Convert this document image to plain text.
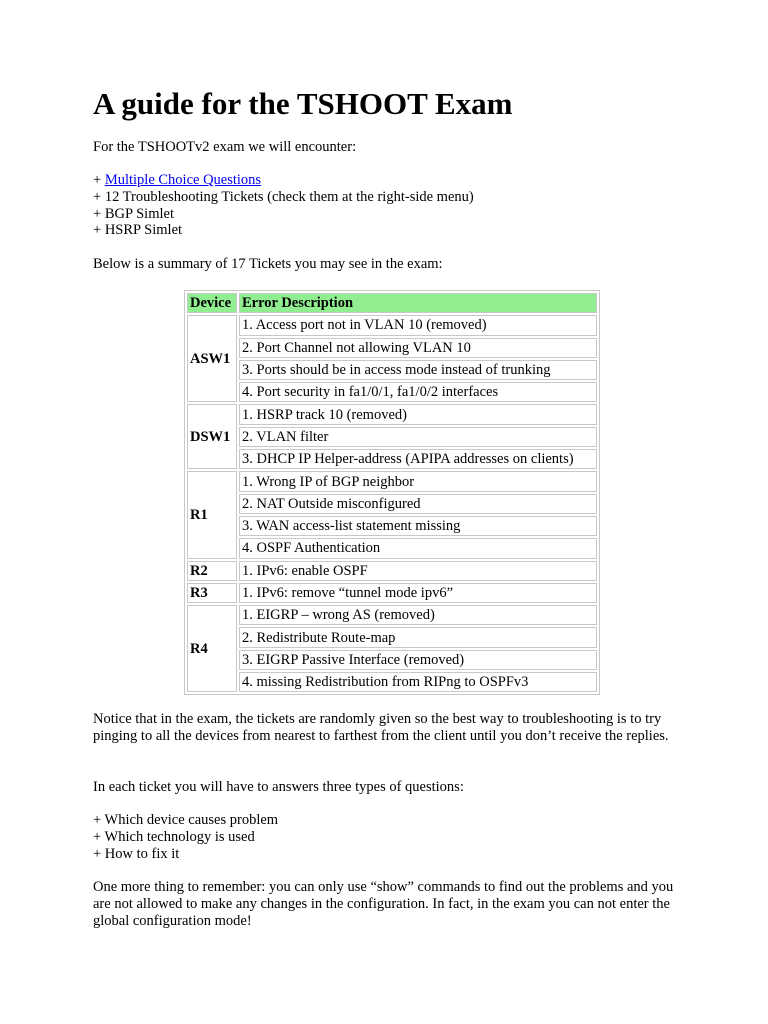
A guide for the TSHOOT Exam
For the TSHOOTv2 exam we will encounter:
+ Multiple Choice Questions
+ 12 Troubleshooting Tickets (check them at the right-side menu)
+ BGP Simlet
+ HSRP Simlet
Below is a summary of 17 Tickets you may see in the exam:
Device	Error Description
ASW1	1. Access port not in VLAN 10 (removed)
	2. Port Channel not allowing VLAN 10
	3. Ports should be in access mode instead of trunking
	4. Port security in fa1/0/1, fa1/0/2 interfaces
DSW1	1. HSRP track 10 (removed)
	2. VLAN filter
	3. DHCP IP Helper-address (APIPA addresses on clients)
R1	1. Wrong IP of BGP neighbor
	2. NAT Outside misconfigured
	3. WAN access-list statement missing
	4. OSPF Authentication
R2	1. IPv6: enable OSPF
R3	1. IPv6: remove “tunnel mode ipv6”
R4	1. EIGRP – wrong AS (removed)
	2. Redistribute Route-map
	3. EIGRP Passive Interface (removed)
	4. missing Redistribution from RIPng to OSPFv3
Notice that in the exam, the tickets are randomly given so the best way to troubleshooting is to try pinging to all the devices from nearest to farthest from the client until you don’t receive the replies.
In each ticket you will have to answers three types of questions:
+ Which device causes problem
+ Which technology is used
+ How to fix it
One more thing to remember: you can only use “show” commands to find out the problems and you are not allowed to make any changes in the configuration. In fact, in the exam you can not enter the global configuration mode!
